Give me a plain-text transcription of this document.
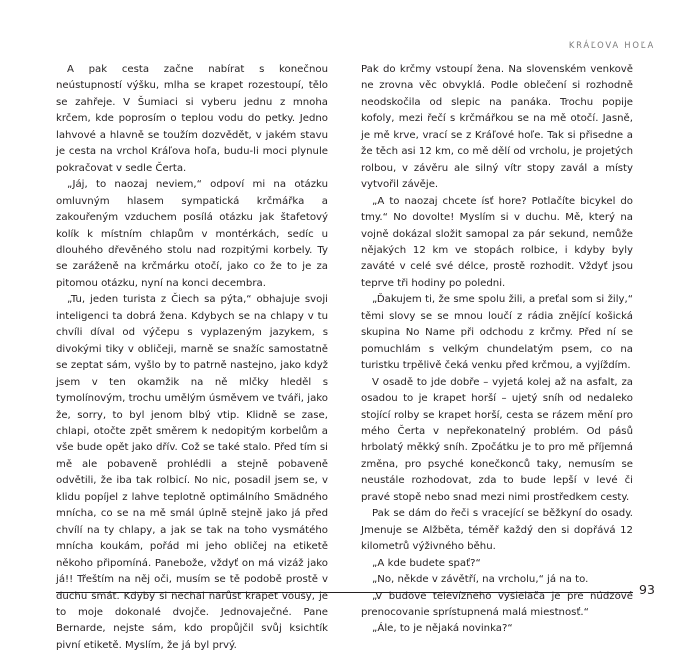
KRÁĽOVA HOĽA

A pak cesta začne nabírat s konečnou neústupností výšku, mlha se krapet rozestoupí, tělo se zahřeje. V Šumiaci si vyberu jednu z mnoha krčem, kde poprosím o teplou vodu do petky. Jedno lahvové a hlavně se toužím dozvědět, v jakém stavu je cesta na vrchol Kráľova hoľa, budu-li moci plynule pokračovat v sedle Čerta.

„Jáj, to naozaj neviem,“ odpoví mi na otázku omluvným hlasem sympatická krčmářka a zakouřeným vzduchem posílá otázku jak štafetový kolík k místním chlapům v montérkách, sedíc u dlouhého dřevěného stolu nad rozpitými korbely. Ty se zaráženě na krčmárku otočí, jako co že to je za pitomou otázku, nyní na konci decembra.

„Tu, jeden turista z Čiech sa pýta,“ obhajuje svoji inteligenci ta dobrá žena. Kdybych se na chlapy v tu chvíli díval od výčepu s vyplazeným jazykem, s divokými tiky v obličeji, marně se snažíc samostatně se zeptat sám, vyšlo by to patrně nastejno, jako když jsem v ten okamžik na ně mlčky hleděl s tymolínovým, trochu umělým úsměvem ve tváři, jako že, sorry, to byl jenom blbý vtip. Klidně se zase, chlapi, otočte zpět směrem k nedopitým korbelům a vše bude opět jako dřív. Což se také stalo. Před tím si mě ale pobaveně prohlédli a stejně pobaveně odvětili, že iba tak rolbicí. No nic, posadil jsem se, v klidu popíjel z lahve teplotně optimálního Smädného mnícha, co se na mě smál úplně stejně jako já před chvílí na ty chlapy, a jak se tak na toho vysmátého mnícha koukám, pořád mi jeho obličej na etiketě někoho připomíná. Panebože, vždyť on má vizáž jako já!! Třeštím na něj oči, musím se tě podobě prostě v duchu smát. Kdyby si nechal narůst krapet vousy, je to moje dokonalé dvojče. Jednovaječné. Pane Bernarde, nejste sám, kdo propůjčil svůj ksichtík pivní etiketě. Myslím, že já byl prvý.

Pak do krčmy vstoupí žena. Na slovenském venkově ne zrovna věc obvyklá. Podle oblečení si rozhodně neodskočila od slepic na panáka. Trochu popije kofoly, mezi řečí s krčmářkou se na mě otočí. Jasně, je mě krve, vrací se z Kráľové hoľe. Tak si přisedne a že těch asi 12 km, co mě dělí od vrcholu, je projetých rolbou, v závěru ale silný vítr stopy zavál a místy vytvořil závěje.

„A to naozaj chcete ísť hore? Potlačíte bicykel do tmy.“ No dovolte! Myslím si v duchu. Mě, který na vojně dokázal složit samopal za pár sekund, nemůže nějakých 12 km ve stopách rolbice, i kdyby byly zaváté v celé své délce, prostě rozhodit. Vždyť jsou teprve tři hodiny po poledni.

„Ďakujem ti, že sme spolu žili, a preťal som si žily,“ těmi slovy se se mnou loučí z rádia znějící košická skupina No Name při odchodu z krčmy. Před ní se pomuchlám s velkým chundelatým psem, co na turistku trpělivě čeká venku před krčmou, a vyjíždím.

V osadě to jde dobře – vyjetá kolej až na asfalt, za osadou to je krapet horší – ujetý sníh od nedaleko stojící rolby se krapet horší, cesta se rázem mění pro mého Čerta v nepřekonatelný problém. Od pásů hrbolatý měkký sníh. Zpočátku je to pro mě příjemná změna, pro psyché konečkonců taky, nemusím se neustále rozhodovat, zda to bude lepší v levé či pravé stopě nebo snad mezi nimi prostředkem cesty.

Pak se dám do řeči s vracející se běžkyní do osady. Jmenuje se Alžběta, téměř každý den si dopřává 12 kilometrů výživného běhu.

„A kde budete spať?“

„No, někde v závětří, na vrcholu,“ já na to.

„V budove televízneho vysielača je pre núdzové prenocovanie sprístupnená malá miestnosť.“

„Ále, to je nějaká novinka?“

93
